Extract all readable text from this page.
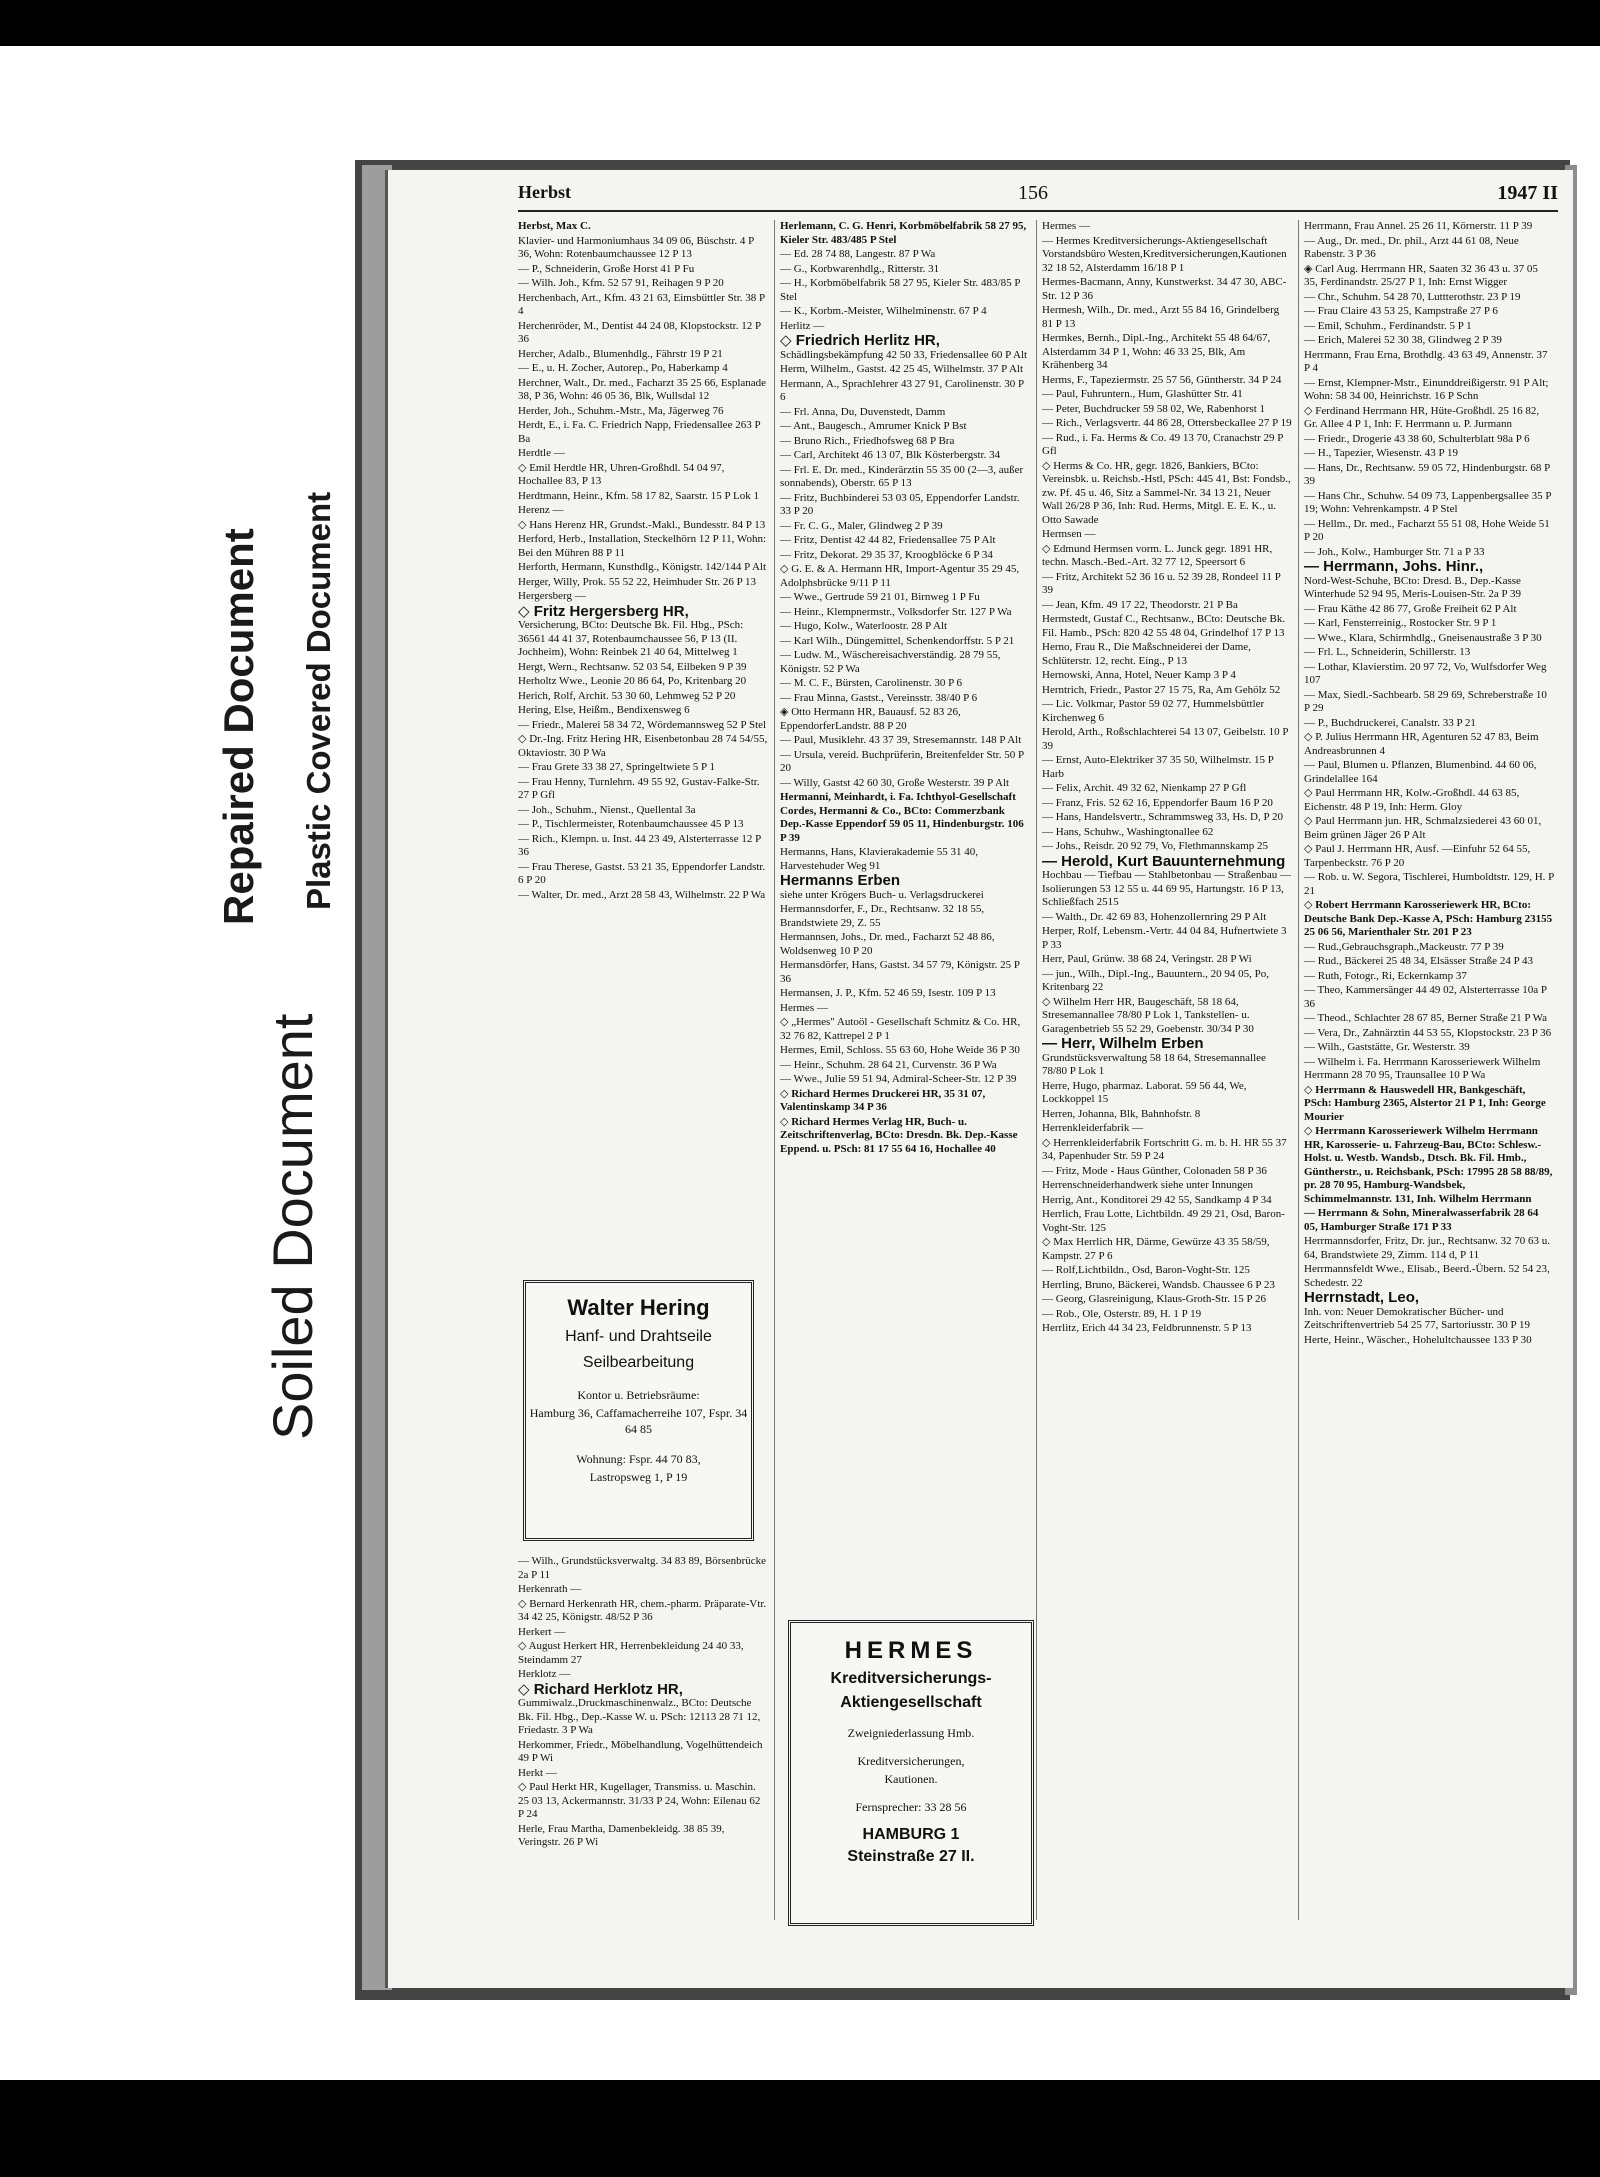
Repaired Document Plastic Covered Document
Soiled Document
Herbst	156	1947 II

Herbst, Max C.

Klavier- und Harmoniumhaus 34 09 06, Büschstr. 4 P 36, Wohn: Rotenbaumchaussee 12 P 13

— P., Schneiderin, Große Horst 41 P Fu

— Wilh. Joh., Kfm. 52 57 91, Reihagen 9 P 20

Herchenbach, Art., Kfm. 43 21 63, Eimsbüttler Str. 38 P 4

Herchenröder, M., Dentist 44 24 08, Klopstockstr. 12 P 36

Hercher, Adalb., Blumenhdlg., Fährstr 19 P 21

— E., u. H. Zocher, Autorep., Po, Haberkamp 4

Herchner, Walt., Dr. med., Facharzt 35 25 66, Esplanade 38, P 36, Wohn: 46 05 36, Blk, Wullsdal 12

Herder, Joh., Schuhm.-Mstr., Ma, Jägerweg 76

Herdt, E., i. Fa. C. Friedrich Napp, Friedensallee 263 P Ba

Herdtle —

◇ Emil Herdtle HR, Uhren-Großhdl. 54 04 97, Hochallee 83, P 13

Herdtmann, Heinr., Kfm. 58 17 82, Saarstr. 15 P Lok 1

Herenz —

◇ Hans Herenz HR, Grundst.-Makl., Bundesstr. 84 P 13

Herford, Herb., Installation, Steckelhörn 12 P 11, Wohn: Bei den Mühren 88 P 11

Herforth, Hermann, Kunsthdlg., Königstr. 142/144 P Alt

Herger, Willy, Prok. 55 52 22, Heimhuder Str. 26 P 13

Hergersberg —

◇ Fritz Hergersberg HR,

Versicherung, BCto: Deutsche Bk. Fil. Hbg., PSch: 36561 44 41 37, Rotenbaumchaussee 56, P 13 (II. Jochheim), Wohn: Reinbek 21 40 64, Mittelweg 1

Hergt, Wern., Rechtsanw. 52 03 54, Eilbeken 9 P 39

Herholtz Wwe., Leonie 20 86 64, Po, Kritenbarg 20

Herich, Rolf, Archit. 53 30 60, Lehmweg 52 P 20

Hering, Else, Heißm., Bendixensweg 6

— Friedr., Malerei 58 34 72, Wördemannsweg 52 P Stel

◇ Dr.-Ing. Fritz Hering HR, Eisenbetonbau 28 74 54/55, Oktaviostr. 30 P Wa

— Frau Grete 33 38 27, Springeltwiete 5 P 1

— Frau Henny, Turnlehrn. 49 55 92, Gustav-Falke-Str. 27 P Gfl

— Joh., Schuhm., Nienst., Quellental 3a

— P., Tischlermeister, Rotenbaumchaussee 45 P 13

— Rich., Klempn. u. Inst. 44 23 49, Alsterterrasse 12 P 36

— Frau Therese, Gastst. 53 21 35, Eppendorfer Landstr. 6 P 20

— Walter, Dr. med., Arzt 28 58 43, Wilhelmstr. 22 P Wa

— Wilh., Grundstücksverwaltg. 34 83 89, Börsenbrücke 2a P 11

Herkenrath —

◇ Bernard Herkenrath HR, chem.-pharm. Präparate-Vtr. 34 42 25, Königstr. 48/52 P 36

Herkert —

◇ August Herkert HR, Herrenbekleidung 24 40 33, Steindamm 27

Herklotz —

◇ Richard Herklotz HR,

Gummiwalz.,Druckmaschinenwalz., BCto: Deutsche Bk. Fil. Hbg., Dep.-Kasse W. u. PSch: 12113 28 71 12, Friedastr. 3 P Wa

Herkommer, Friedr., Möbelhandlung, Vogelhüttendeich 49 P Wi

Herkt —

◇ Paul Herkt HR, Kugellager, Transmiss. u. Maschin. 25 03 13, Ackermannstr. 31/33 P 24, Wohn: Eilenau 62 P 24

Herle, Frau Martha, Damenbekleidg. 38 85 39, Veringstr. 26 P Wi

Herlemann, C. G. Henri, Korbmöbelfabrik 58 27 95, Kieler Str. 483/485 P Stel

— Ed. 28 74 88, Langestr. 87 P Wa

— G., Korbwarenhdlg., Ritterstr. 31

— H., Korbmöbelfabrik 58 27 95, Kieler Str. 483/85 P Stel

— K., Korbm.-Meister, Wilhelminenstr. 67 P 4

Herlitz —

◇ Friedrich Herlitz HR,

Schädlingsbekämpfung 42 50 33, Friedensallee 60 P Alt

Herm, Wilhelm., Gastst. 42 25 45, Wilhelmstr. 37 P Alt

Hermann, A., Sprachlehrer 43 27 91, Carolinenstr. 30 P 6

— Frl. Anna, Du, Duvenstedt, Damm

— Ant., Baugesch., Amrumer Knick P Bst

— Bruno Rich., Friedhofsweg 68 P Bra

— Carl, Architekt 46 13 07, Blk Kösterbergstr. 34

— Frl. E. Dr. med., Kinderärztin 55 35 00 (2—3, außer sonnabends), Oberstr. 65 P 13

— Fritz, Buchbinderei 53 03 05, Eppendorfer Landstr. 33 P 20

— Fr. C. G., Maler, Glindweg 2 P 39

— Fritz, Dentist 42 44 82, Friedensallee 75 P Alt

— Fritz, Dekorat. 29 35 37, Kroogblöcke 6 P 34

◇ G. E. & A. Hermann HR, Import-Agentur 35 29 45, Adolphsbrücke 9/11 P 11

— Wwe., Gertrude 59 21 01, Birnweg 1 P Fu

— Heinr., Klempnermstr., Volksdorfer Str. 127 P Wa

— Hugo, Kolw., Waterloostr. 28 P Alt

— Karl Wilh., Düngemittel, Schenkendorffstr. 5 P 21

— Ludw. M., Wäschereisachverständig. 28 79 55, Königstr. 52 P Wa

— M. C. F., Bürsten, Carolinenstr. 30 P 6

— Frau Minna, Gastst., Vereinsstr. 38/40 P 6

◈ Otto Hermann HR, Bauausf. 52 83 26, EppendorferLandstr. 88 P 20

— Paul, Musiklehr. 43 37 39, Stresemannstr. 148 P Alt

— Ursula, vereid. Buchprüferin, Breitenfelder Str. 50 P 20

— Willy, Gastst 42 60 30, Große Westerstr. 39 P Alt

Hermanni, Meinhardt, i. Fa. Ichthyol-Gesellschaft Cordes, Hermanni & Co., BCto: Commerzbank Dep.-Kasse Eppendorf 59 05 11, Hindenburgstr. 106 P 39

Hermanns, Hans, Klavierakademie 55 31 40, Harvestehuder Weg 91

Hermanns Erben

siehe unter Krögers Buch- u. Verlagsdruckerei

Hermannsdorfer, F., Dr., Rechtsanw. 32 18 55, Brandstwiete 29, Z. 55

Hermannsen, Johs., Dr. med., Facharzt 52 48 86, Woldsenweg 10 P 20

Hermansdörfer, Hans, Gastst. 34 57 79, Königstr. 25 P 36

Hermansen, J. P., Kfm. 52 46 59, Isestr. 109 P 13

Hermes —

◇ „Hermes" Autoöl - Gesellschaft Schmitz & Co. HR, 32 76 82, Kattrepel 2 P 1

Hermes, Emil, Schloss. 55 63 60, Hohe Weide 36 P 30

— Heinr., Schuhm. 28 64 21, Curvenstr. 36 P Wa

— Wwe., Julie 59 51 94, Admiral-Scheer-Str. 12 P 39

◇ Richard Hermes Druckerei HR, 35 31 07, Valentinskamp 34 P 36

◇ Richard Hermes Verlag HR, Buch- u. Zeitschriftenverlag, BCto: Dresdn. Bk. Dep.-Kasse Eppend. u. PSch: 81 17 55 64 16, Hochallee 40

Hermes —

— Hermes Kreditversicherungs-Aktiengesellschaft Vorstandsbüro Westen,Kreditversicherungen,Kautionen 32 18 52, Alsterdamm 16/18 P 1

Hermes-Bacmann, Anny, Kunstwerkst. 34 47 30, ABC-Str. 12 P 36

Hermesh, Wilh., Dr. med., Arzt 55 84 16, Grindelberg 81 P 13

Hermkes, Bernh., Dipl.-Ing., Architekt 55 48 64/67, Alsterdamm 34 P 1, Wohn: 46 33 25, Blk, Am Krähenberg 34

Herms, F., Tapeziermstr. 25 57 56, Güntherstr. 34 P 24

— Paul, Fuhruntern., Hum, Glashütter Str. 41

— Peter, Buchdrucker 59 58 02, We, Rabenhorst 1

— Rich., Verlagsvertr. 44 86 28, Ottersbeckallee 27 P 19

— Rud., i. Fa. Herms & Co. 49 13 70, Cranachstr 29 P Gfl

◇ Herms & Co. HR, gegr. 1826, Bankiers, BCto: Vereinsbk. u. Reichsb.-Hstl, PSch: 445 41, Bst: Fondsb., zw. Pf. 45 u. 46, Sitz a Sammel-Nr. 34 13 21, Neuer Wall 26/28 P 36, Inh: Rud. Herms, Mitgl. E. E. K., u. Otto Sawade

Hermsen —

◇ Edmund Hermsen vorm. L. Junck gegr. 1891 HR, techn. Masch.-Bed.-Art. 32 77 12, Speersort 6

— Fritz, Architekt 52 36 16 u. 52 39 28, Rondeel 11 P 39

— Jean, Kfm. 49 17 22, Theodorstr. 21 P Ba

Hermstedt, Gustaf C., Rechtsanw., BCto: Deutsche Bk. Fil. Hamb., PSch: 820 42 55 48 04, Grindelhof 17 P 13

Herno, Frau R., Die Maßschneiderei der Dame, Schlüterstr. 12, recht. Eing., P 13

Hernowski, Anna, Hotel, Neuer Kamp 3 P 4

Herntrich, Friedr., Pastor 27 15 75, Ra, Am Gehölz 52

— Lic. Volkmar, Pastor 59 02 77, Hummelsbüttler Kirchenweg 6

Herold, Arth., Roßschlachterei 54 13 07, Geibelstr. 10 P 39

— Ernst, Auto-Elektriker 37 35 50, Wilhelmstr. 15 P Harb

— Felix, Archit. 49 32 62, Nienkamp 27 P Gfl

— Franz, Fris. 52 62 16, Eppendorfer Baum 16 P 20

— Hans, Handelsvertr., Schrammsweg 33, Hs. D, P 20

— Hans, Schuhw., Washingtonallee 62

— Johs., Reisdr. 20 92 79, Vo, Flethmannskamp 25

— Herold, Kurt Bauunternehmung

Hochbau — Tiefbau — Stahlbetonbau — Straßenbau — Isolierungen 53 12 55 u. 44 69 95, Hartungstr. 16 P 13, Schließfach 2515

— Walth., Dr. 42 69 83, Hohenzollernring 29 P Alt

Herper, Rolf, Lebensm.-Vertr. 44 04 84, Hufnertwiete 3 P 33

Herr, Paul, Grünw. 38 68 24, Veringstr. 28 P Wi

— jun., Wilh., Dipl.-Ing., Bauuntern., 20 94 05, Po, Kritenbarg 22

◇ Wilhelm Herr HR, Baugeschäft, 58 18 64, Stresemannallee 78/80 P Lok 1, Tankstellen- u. Garagenbetrieb 55 52 29, Goebenstr. 30/34 P 30

— Herr, Wilhelm Erben

Grundstücksverwaltung 58 18 64, Stresemannallee 78/80 P Lok 1

Herre, Hugo, pharmaz. Laborat. 59 56 44, We, Lockkoppel 15

Herren, Johanna, Blk, Bahnhofstr. 8

Herrenkleiderfabrik —

◇ Herrenkleiderfabrik Fortschritt G. m. b. H. HR 55 37 34, Papenhuder Str. 59 P 24

— Fritz, Mode - Haus Günther, Colonaden 58 P 36

Herrenschneiderhandwerk siehe unter Innungen

Herrig, Ant., Konditorei 29 42 55, Sandkamp 4 P 34

Herrlich, Frau Lotte, Lichtbildn. 49 29 21, Osd, Baron-Voght-Str. 125

◇ Max Herrlich HR, Därme, Gewürze 43 35 58/59, Kampstr. 27 P 6

— Rolf,Lichtbildn., Osd, Baron-Voght-Str. 125

Herrling, Bruno, Bäckerei, Wandsb. Chaussee 6 P 23

— Georg, Glasreinigung, Klaus-Groth-Str. 15 P 26

— Rob., Ole, Osterstr. 89, H. 1 P 19

Herrlitz, Erich 44 34 23, Feldbrunnenstr. 5 P 13

Herrmann, Frau Annel. 25 26 11, Körnerstr. 11 P 39

— Aug., Dr. med., Dr. phil., Arzt 44 61 08, Neue Rabenstr. 3 P 36

◈ Carl Aug. Herrmann HR, Saaten 32 36 43 u. 37 05 35, Ferdinandstr. 25/27 P 1, Inh: Ernst Wigger

— Chr., Schuhm. 54 28 70, Luttterothstr. 23 P 19

— Frau Claire 43 53 25, Kampstraße 27 P 6

— Emil, Schuhm., Ferdinandstr. 5 P 1

— Erich, Malerei 52 30 38, Glindweg 2 P 39

Herrmann, Frau Erna, Brothdlg. 43 63 49, Annenstr. 37 P 4

— Ernst, Klempner-Mstr., Einunddreißigerstr. 91 P Alt; Wohn: 58 34 00, Heinrichstr. 16 P Schn

◇ Ferdinand Herrmann HR, Hüte-Großhdl. 25 16 82, Gr. Allee 4 P 1, Inh: F. Herrmann u. P. Jurmann

— Friedr., Drogerie 43 38 60, Schulterblatt 98a P 6

— H., Tapezier, Wiesenstr. 43 P 19

— Hans, Dr., Rechtsanw. 59 05 72, Hindenburgstr. 68 P 39

— Hans Chr., Schuhw. 54 09 73, Lappenbergsallee 35 P 19; Wohn: Vehrenkampstr. 4 P Stel

— Hellm., Dr. med., Facharzt 55 51 08, Hohe Weide 51 P 20

— Joh., Kolw., Hamburger Str. 71 a P 33

— Herrmann, Johs. Hinr.,

Nord-West-Schuhe, BCto: Dresd. B., Dep.-Kasse Winterhude 52 94 95, Meris-Louisen-Str. 2a P 39

— Frau Käthe 42 86 77, Große Freiheit 62 P Alt

— Karl, Fensterreinig., Rostocker Str. 9 P 1

— Wwe., Klara, Schirmhdlg., Gneisenaustraße 3 P 30

— Frl. L., Schneiderin, Schillerstr. 13

— Lothar, Klavierstim. 20 97 72, Vo, Wulfsdorfer Weg 107

— Max, Siedl.-Sachbearb. 58 29 69, Schreberstraße 10 P 29

— P., Buchdruckerei, Canalstr. 33 P 21

◇ P. Julius Herrmann HR, Agenturen 52 47 83, Beim Andreasbrunnen 4

— Paul, Blumen u. Pflanzen, Blumenbind. 44 60 06, Grindelallee 164

◇ Paul Herrmann HR, Kolw.-Großhdl. 44 63 85, Eichenstr. 48 P 19, Inh: Herm. Gloy

◇ Paul Herrmann jun. HR, Schmalzsiederei 43 60 01, Beim grünen Jäger 26 P Alt

◇ Paul J. Herrmann HR, Ausf. —Einfuhr 52 64 55, Tarpenbeckstr. 76 P 20

— Rob. u. W. Segora, Tischlerei, Humboldtstr. 129, H. P 21

◇ Robert Herrmann Karosseriewerk HR, BCto: Deutsche Bank Dep.-Kasse A, PSch: Hamburg 23155 25 06 56, Marienthaler Str. 201 P 23

— Rud.,Gebrauchsgraph.,Mackeustr. 77 P 39

— Rud., Bäckerei 25 48 34, Elsässer Straße 24 P 43

— Ruth, Fotogr., Ri, Eckernkamp 37

— Theo, Kammersänger 44 49 02, Alsterterrasse 10a P 36

— Theod., Schlachter 28 67 85, Berner Straße 21 P Wa

— Vera, Dr., Zahnärztin 44 53 55, Klopstockstr. 23 P 36

— Wilh., Gaststätte, Gr. Westerstr. 39

— Wilhelm i. Fa. Herrmann Karosseriewerk Wilhelm Herrmann 28 70 95, Traunsallee 10 P Wa

◇ Herrmann & Hauswedell HR, Bankgeschäft, PSch: Hamburg 2365, Alstertor 21 P 1, Inh: George Mourier

◇ Herrmann Karosseriewerk Wilhelm Herrmann HR, Karosserie- u. Fahrzeug-Bau, BCto: Schlesw.-Holst. u. Westb. Wandsb., Dtsch. Bk. Fil. Hmb., Güntherstr., u. Reichsbank, PSch: 17995 28 58 88/89, pr. 28 70 95, Hamburg-Wandsbek, Schimmelmannstr. 131, Inh. Wilhelm Herrmann

— Herrmann & Sohn, Mineralwasserfabrik 28 64 05, Hamburger Straße 171 P 33

Herrmannsdorfer, Fritz, Dr. jur., Rechtsanw. 32 70 63 u. 64, Brandstwiete 29, Zimm. 114 d, P 11

Herrmannsfeldt Wwe., Elisab., Beerd.-Übern. 52 54 23, Schedestr. 22

Herrnstadt, Leo,

Inh. von: Neuer Demokratischer Bücher- und Zeitschriftenvertrieb 54 25 77, Sartoriusstr. 30 P 19

Herte, Heinr., Wäscher., Hohelultchaussee 133 P 30

Walter Hering
Hanf- und Drahtseile
Seilbearbeitung
Kontor u. Betriebsräume:
Hamburg 36, Caffamacherreihe 107, Fspr. 34 64 85
Wohnung: Fspr. 44 70 83,
Lastropsweg 1, P 19
HERMES
Kreditversicherungs-
Aktiengesellschaft
Zweigniederlassung Hmb.
Kreditversicherungen,
Kautionen.
Fernsprecher: 33 28 56
HAMBURG 1
Steinstraße 27 II.
